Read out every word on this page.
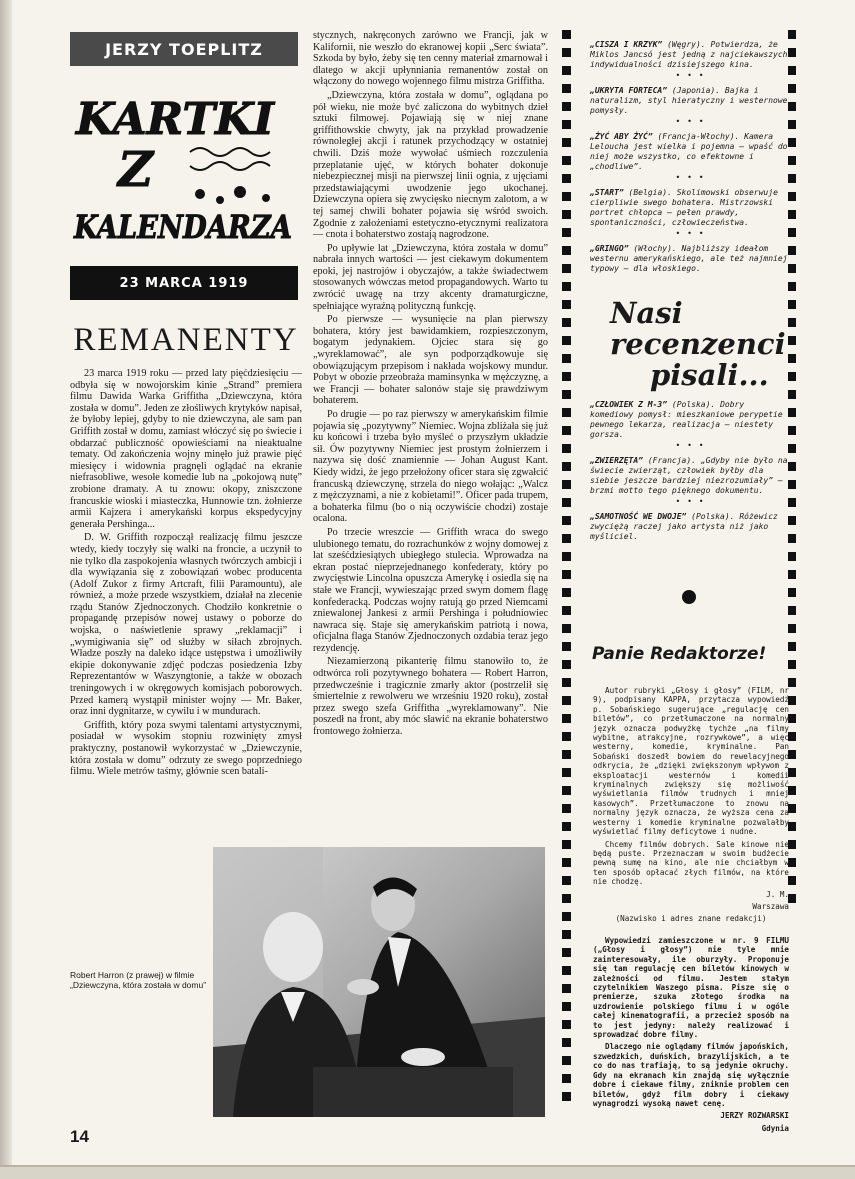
JERZY TOEPLITZ
KARTKI
Z
KALENDARZA
23 MARCA 1919
REMANENTY

23 marca 1919 roku — przed laty pięćdziesięciu — odbyła się w nowojorskim kinie „Strand” premiera filmu Dawida Warka Griffitha „Dziewczyna, która została w domu”. Jeden ze złośliwych krytyków napisał, że byłoby lepiej, gdyby to nie dziewczyna, ale sam pan Griffith został w domu, zamiast włóczyć się po świecie i obdarzać publiczność opowieściami na nieaktualne tematy. Od zakończenia wojny minęło już prawie pięć miesięcy i widownia pragnęli oglądać na ekranie niefrasobliwe, wesołe komedie lub na „pokojową nutę” zrobione dramaty. A tu znowu: okopy, zniszczone francuskie wioski i miasteczka, Hunnowie tzn. żołnierze armii Kajzera i amerykański korpus ekspedycyjny generała Pershinga...

D. W. Griffith rozpoczął realizację filmu jeszcze wtedy, kiedy toczyły się walki na froncie, a uczynił to nie tylko dla zaspokojenia własnych twórczych ambicji i dla wywiązania się z zobowiązań wobec producenta (Adolf Zukor z firmy Artcraft, filii Paramountu), ale również, a może przede wszystkiem, działał na zlecenie rządu Stanów Zjednoczonych. Chodziło konkretnie o propagandę przepisów nowej ustawy o poborze do wojska, o naświetlenie sprawy „reklamacji” i „wymigiwania się” od służby w siłach zbrojnych. Władze poszły na daleko idące ustępstwa i umożliwiły ekipie dokonywanie zdjęć podczas posiedzenia Izby Reprezentantów w Waszyngtonie, a także w obozach treningowych i w okręgowych komisjach poborowych. Przed kamerą wystąpił minister wojny — Mr. Baker, oraz inni dygnitarze, w cywilu i w mundurach.

Griffith, który poza swymi talentami artystycznymi, posiadał w wysokim stopniu rozwinięty zmysł praktyczny, postanowił wykorzystać w „Dziewczynie, która została w domu” odrzuty ze swego poprzedniego filmu. Wiele metrów taśmy, głównie scen batali-

stycznych, nakręconych zarówno we Francji, jak w Kalifornii, nie weszło do ekranowej kopii „Serc świata”. Szkoda by było, żeby się ten cenny materiał zmarnował i dlatego w akcji upłynniania remanentów został on włączony do nowego wojennego filmu mistrza Griffitha.

„Dziewczyna, która została w domu”, oglądana po pół wieku, nie może być zaliczona do wybitnych dzieł sztuki filmowej. Pojawiają się w niej znane griffithowskie chwyty, jak na przykład prowadzenie równoległej akcji i ratunek przychodzący w ostatniej chwili. Dziś może wywołać uśmiech rozczulenia przeplatanie ujęć, w których bohater dokonuje niebezpiecznej misji na pierwszej linii ognia, z ujęciami przedstawiającymi uwodzenie jego ukochanej. Dziewczyna opiera się zwycięsko niecnym zalotom, a w tej samej chwili bohater pojawia się wśród swoich. Zgodnie z założeniami estetyczno-etycznymi realizatora — cnota i bohaterstwo zostają nagrodzone.

Po upływie lat „Dziewczyna, która została w domu” nabrała innych wartości — jest ciekawym dokumentem epoki, jej nastrojów i obyczajów, a także świadectwem stosowanych wówczas metod propagandowych. Warto tu zwrócić uwagę na trzy akcenty dramaturgiczne, spełniające wyraźną polityczną funkcję.

Po pierwsze — wysunięcie na plan pierwszy bohatera, który jest bawidamkiem, rozpieszczonym, bogatym jedynakiem. Ojciec stara się go „wyreklamować”, ale syn podporządkowuje się obowiązującym przepisom i nakłada wojskowy mundur. Pobyt w obozie przeobraża maminsynka w mężczyznę, a we Francji — bohater salonów staje się prawdziwym bohaterem.

Po drugie — po raz pierwszy w amerykańskim filmie pojawia się „pozytywny” Niemiec. Wojna zbliżała się już ku końcowi i trzeba było myśleć o przyszłym układzie sił. Ów pozytywny Niemiec jest prostym żołnierzem i nazywa się dość znamiennie — Johan August Kant. Kiedy widzi, że jego przełożony oficer stara się zgwałcić francuską dziewczynę, strzela do niego wołając: „Walcz z mężczyznami, a nie z kobietami!”. Oficer pada trupem, a bohaterka filmu (bo o nią oczywiście chodzi) zostaje ocalona.

Po trzecie wreszcie — Griffith wraca do swego ulubionego tematu, do rozrachunków z wojny domowej z lat sześćdziesiątych ubiegłego stulecia. Wprowadza na ekran postać nieprzejednanego konfederaty, który po zwycięstwie Lincolna opuszcza Amerykę i osiedla się na stałe we Francji, wywieszając przed swym domem flagę konfederacką. Podczas wojny ratują go przed Niemcami zniewalonej Jankesi z armii Pershinga i południowiec nawraca się. Staje się amerykańskim patriotą i nowa, oficjalna flaga Stanów Zjednoczonych ozdabia teraz jego rezydencję.

Niezamierzoną pikanterię filmu stanowiło to, że odtwórca roli pozytywnego bohatera — Robert Harron, przedwcześnie i tragicznie zmarły aktor (postrzelił się śmiertelnie z rewolweru we wrześniu 1920 roku), został przez swego szefa Griffitha „wyreklamowany”. Nie poszedł na front, aby móc sławić na ekranie bohaterstwo frontowego żołnierza.

Robert Harron (z prawej) w filmie „Dziewczyna, która została w domu”
14
„CISZA I KRZYK” (Węgry). Potwierdza, że Miklos Jancsó jest jedną z najciekawszych indywidualności dzisiejszego kina.
• • •
„UKRYTA FORTECA” (Japonia). Bajka i naturalizm, styl hieratyczny i westernowe pomysły.
• • •
„ŻYĆ ABY ŻYĆ” (Francja-Włochy). Kamera Leloucha jest wielka i pojemna — wpaść do niej może wszystko, co efektowne i „chodliwe”.
• • •
„START” (Belgia). Skolimowski obserwuje cierpliwie swego bohatera. Mistrzowski portret chłopca — pełen prawdy, spontaniczności, człowieczeństwa.
• • •
„GRINGO” (Włochy). Najbliższy ideałom westernu amerykańskiego, ale też najmniej typowy — dla włoskiego.
Nasi
recenzenci
pisali...
„CZŁOWIEK Z M-3” (Polska). Dobry komediowy pomysł: mieszkaniowe perypetie pewnego lekarza, realizacja — niestety gorsza.
• • •
„ZWIERZĘTA” (Francja). „Gdyby nie było na świecie zwierząt, człowiek byłby dla siebie jeszcze bardziej niezrozumiały” — brzmi motto tego pięknego dokumentu.
• • •
„SAMOTNOŚĆ WE DWOJE” (Polska). Różewicz zwyciężą raczej jako artysta niż jako myśliciel.
Panie Redaktorze!

Autor rubryki „Głosy i głosy” (FILM, nr 9), podpisany KAPPA, przytacza wypowiedź p. Sobańskiego sugerujące „regulację cen biletów”, co przetłumaczone na normalny język oznacza podwyżkę tychże „na filmy wybitne, atrakcyjne, rozrywkowe”, a więc westerny, komedie, kryminalne. Pan Sobański doszedł bowiem do rewelacyjnego odkrycia, że „dzięki zwiększonym wpływom z eksploatacji westernów i komedii kryminalnych zwiększy się możliwość wyświetlania filmów trudnych i mniej kasowych”. Przetłumaczone to znowu na normalny język oznacza, że wyższa cena za westerny i komedie kryminalne pozwalałby wyświetlać filmy deficytowe i nudne.

Chcemy filmów dobrych. Sale kinowe nie będą puste. Przeznaczam w swoim budżecie pewną sumę na kino, ale nie chciałbym w ten sposób opłacać złych filmów, na które nie chodzę.

J. M.

Warszawa

(Nazwisko i adres znane redakcji)

Wypowiedzi zamieszczone w nr. 9 FILMU („Głosy i głosy”) nie tyle mnie zainteresowały, ile oburzyły. Proponuje się tam regulację cen biletów kinowych w zależności od filmu. Jestem stałym czytelnikiem Waszego pisma. Pisze się o premierze, szuka złotego środka na uzdrowienie polskiego filmu i w ogóle całej kinematografii, a przecież sposób na to jest jedyny: należy realizować i sprowadzać dobre filmy.

Dlaczego nie oglądamy filmów japońskich, szwedzkich, duńskich, brazylijskich, a te co do nas trafiają, to są jedynie okruchy. Gdy na ekranach kin znajdą się wyłącznie dobre i ciekawe filmy, zniknie problem cen biletów, gdyż film dobry i ciekawy wynagrodzi wysoką nawet cenę.

JERZY ROZWARSKI

Gdynia
